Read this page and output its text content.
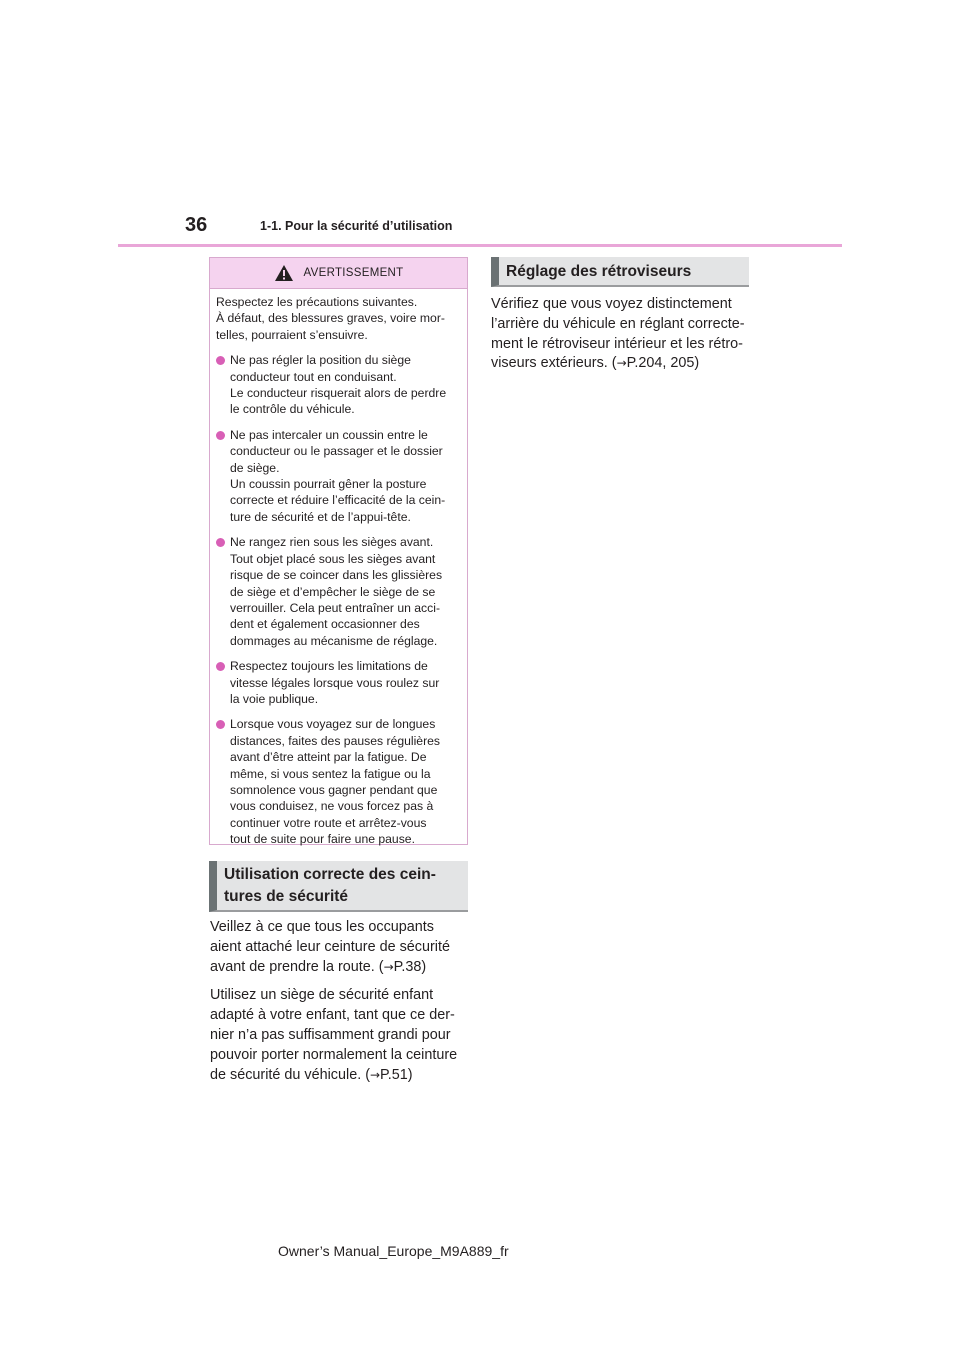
36	1-1. Pour la sécurité d’utilisation
AVERTISSEMENT
Respectez les précautions suivantes.
À défaut, des blessures graves, voire mor-
telles, pourraient s’ensuivre.
Ne pas régler la position du siège
conducteur tout en conduisant.
Le conducteur risquerait alors de perdre
le contrôle du véhicule.
Ne pas intercaler un coussin entre le
conducteur ou le passager et le dossier
de siège.
Un coussin pourrait gêner la posture
correcte et réduire l’efficacité de la cein-
ture de sécurité et de l’appui-tête.
Ne rangez rien sous les sièges avant.
Tout objet placé sous les sièges avant
risque de se coincer dans les glissières
de siège et d’empêcher le siège de se
verrouiller. Cela peut entraîner un acci-
dent et également occasionner des
dommages au mécanisme de réglage.
Respectez toujours les limitations de
vitesse légales lorsque vous roulez sur
la voie publique.
Lorsque vous voyagez sur de longues
distances, faites des pauses régulières
avant d’être atteint par la fatigue. De
même, si vous sentez la fatigue ou la
somnolence vous gagner pendant que
vous conduisez, ne vous forcez pas à
continuer votre route et arrêtez-vous
tout de suite pour faire une pause.
Utilisation correcte des cein-
tures de sécurité

Veillez à ce que tous les occupants
aient attaché leur ceinture de sécurité
avant de prendre la route. (→P.38)

Utilisez un siège de sécurité enfant
adapté à votre enfant, tant que ce der-
nier n’a pas suffisamment grandi pour
pouvoir porter normalement la ceinture
de sécurité du véhicule. (→P.51)

Réglage des rétroviseurs

Vérifiez que vous voyez distinctement
l’arrière du véhicule en réglant correcte-
ment le rétroviseur intérieur et les rétro-
viseurs extérieurs. (→P.204, 205)

Owner’s Manual_Europe_M9A889_fr
